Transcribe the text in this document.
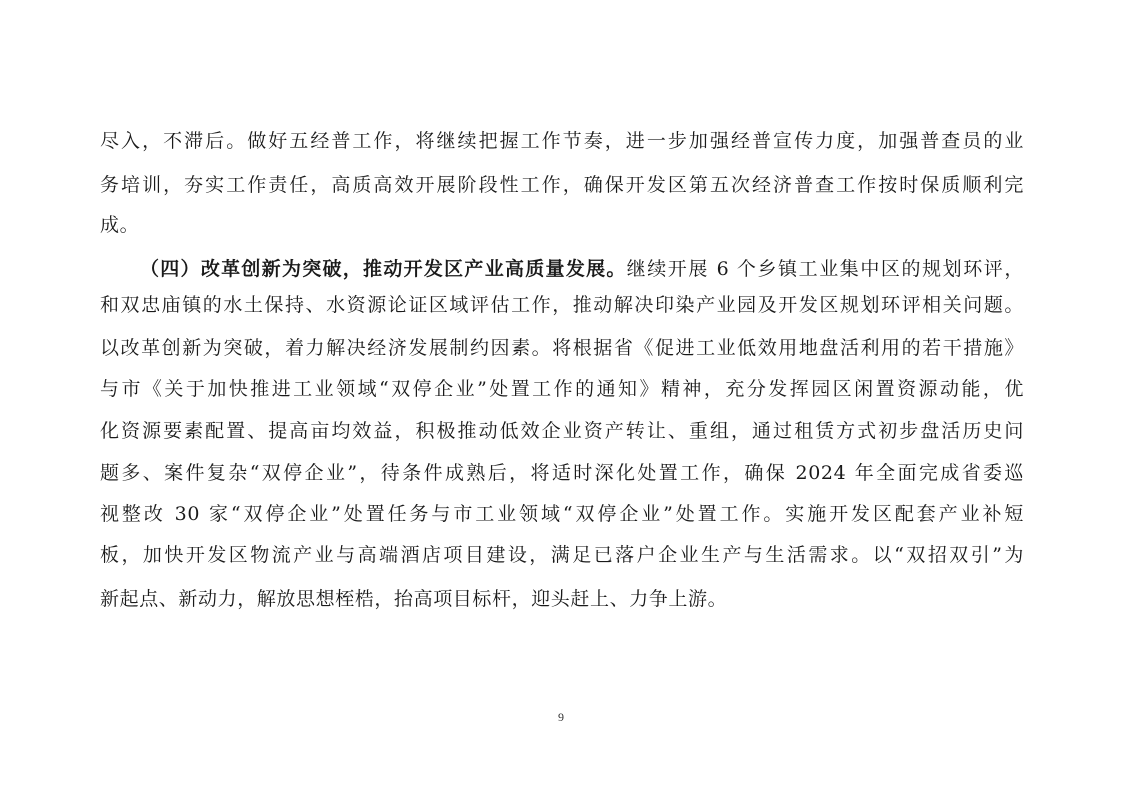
尽入，不滞后。做好五经普工作，将继续把握工作节奏，进一步加强经普宣传力度，加强普查员的业
务培训，夯实工作责任，高质高效开展阶段性工作，确保开发区第五次经济普查工作按时保质顺利完
成。
（四）改革创新为突破，推动开发区产业高质量发展。继续开展 6 个乡镇工业集中区的规划环评，
和双忠庙镇的水土保持、水资源论证区域评估工作，推动解决印染产业园及开发区规划环评相关问题。
以改革创新为突破，着力解决经济发展制约因素。将根据省《促进工业低效用地盘活利用的若干措施》
与市《关于加快推进工业领域“双停企业”处置工作的通知》精神，充分发挥园区闲置资源动能，优
化资源要素配置、提高亩均效益，积极推动低效企业资产转让、重组，通过租赁方式初步盘活历史问
题多、案件复杂“双停企业”，待条件成熟后，将适时深化处置工作，确保 2024 年全面完成省委巡
视整改 30 家“双停企业”处置任务与市工业领域“双停企业”处置工作。实施开发区配套产业补短
板，加快开发区物流产业与高端酒店项目建设，满足已落户企业生产与生活需求。以“双招双引”为
新起点、新动力，解放思想桎梏，抬高项目标杆，迎头赶上、力争上游。
9
